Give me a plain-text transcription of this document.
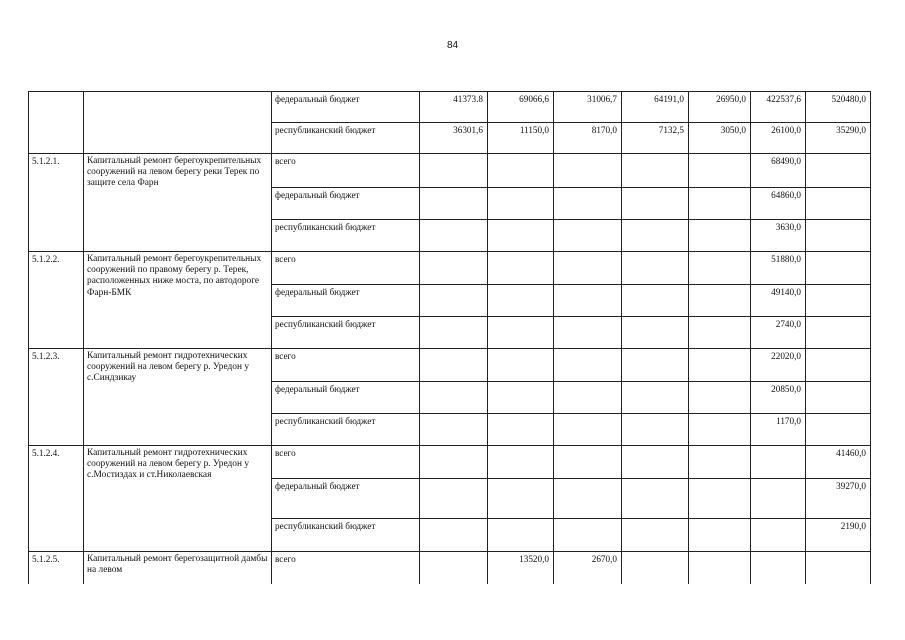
84
		федеральный бюджет	41373.8	69066,6	31006,7	64191,0	26950,0	422537,6	520480,0
		республиканский бюджет	36301,6	11150,0	8170,0	7132,5	3050,0	26100,0	35290,0
5.1.2.1.	Капитальный ремонт берегоукрепительных сооружений на левом берегу реки Терек по защите села Фарн	всего						68490,0	
		федеральный бюджет						64860,0	
		республиканский бюджет						3630,0	
5.1.2.2.	Капитальный ремонт берегоукрепительных сооружений по правому берегу р. Терек, расположенных ниже моста, по автодороге Фарн-БМК	всего						51880,0	
		федеральный бюджет						49140,0	
		республиканский бюджет						2740,0	
5.1.2.3.	Капитальный ремонт гидротехнических сооружений на левом берегу р. Уредон у с.Синдзикау	всего						22020,0	
		федеральный бюджет						20850,0	
		республиканский бюджет						1170,0	
5.1.2.4.	Капитальный ремонт гидротехнических сооружений на левом берегу р. Уредон у с.Мостиздах и ст.Николаевская	всего							41460,0
		федеральный бюджет							39270,0
		республиканский бюджет							2190,0
5.1.2.5.	Капитальный ремонт берегозащитной дамбы на левом	всего		13520,0	2670,0				
